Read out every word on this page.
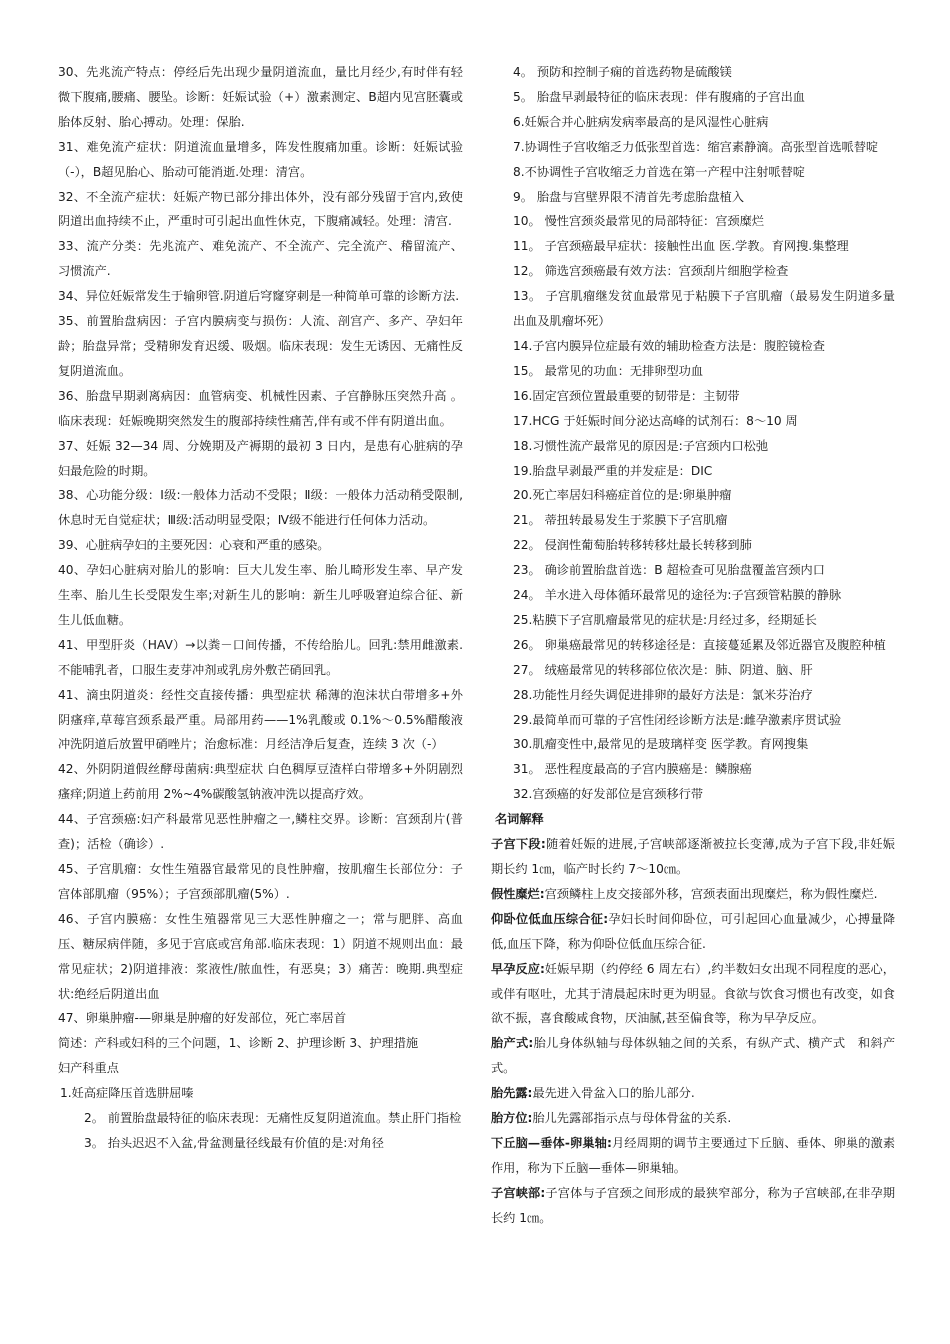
30、先兆流产特点：停经后先出现少量阴道流血，量比月经少,有时伴有轻微下腹痛,腰痛、腰坠。诊断：妊娠试验（+）激素测定、B超内见宫胚囊或胎体反射、胎心搏动。处理：保胎.

31、难免流产症状：阴道流血量增多，阵发性腹痛加重。诊断：妊娠试验（-），B超见胎心、胎动可能消逝.处理：清宫。

32、不全流产症状：妊娠产物已部分排出体外，没有部分残留于宫内,致使阴道出血持续不止，严重时可引起出血性休克，下腹痛减轻。处理：清宫.

33、流产分类：先兆流产、难免流产、不全流产、完全流产、稽留流产、习惯流产.

34、异位妊娠常发生于输卵管.阴道后穹窿穿刺是一种简单可靠的诊断方法.

35、前置胎盘病因：子宫内膜病变与损伤：人流、剖宫产、多产、孕妇年龄；胎盘异常；受精卵发育迟缓、吸烟。临床表现：发生无诱因、无痛性反复阴道流血。

36、胎盘早期剥离病因：血管病变、机械性因素、子宫静脉压突然升高 。临床表现：妊娠晚期突然发生的腹部持续性痛苦,伴有或不伴有阴道出血。

37、妊娠 32—34 周、分娩期及产褥期的最初 3 日内，是患有心脏病的孕妇最危险的时期。

38、心功能分级：Ⅰ级:一般体力活动不受限；Ⅱ级：一般体力活动稍受限制,休息时无自觉症状；Ⅲ级:活动明显受限；Ⅳ级不能进行任何体力活动。

39、心脏病孕妇的主要死因：心衰和严重的感染。

40、孕妇心脏病对胎儿的影响：巨大儿发生率、胎儿畸形发生率、早产发生率、胎儿生长受限发生率;对新生儿的影响：新生儿呼吸窘迫综合征、新生儿低血糖。

41、甲型肝炎（HAV）→以粪－口间传播，不传给胎儿。回乳:禁用雌激素.不能哺乳者，口服生麦芽冲剂或乳房外敷芒硝回乳。

41、滴虫阴道炎：经性交直接传播：典型症状 稀薄的泡沫状白带增多+外阴瘙痒,草莓宫颈系最严重。局部用药——1%乳酸或 0.1%～0.5%醋酸液冲洗阴道后放置甲硝唑片；治愈标准：月经洁净后复查，连续 3 次（-）

42、外阴阴道假丝酵母菌病:典型症状 白色稠厚豆渣样白带增多+外阴剧烈瘙痒;阴道上药前用 2%~4%碳酸氢钠液冲洗以提高疗效。

44、子宫颈癌:妇产科最常见恶性肿瘤之一,鳞柱交界。诊断：宫颈刮片(普查)；活检（确诊）.

45、子宫肌瘤：女性生殖器官最常见的良性肿瘤，按肌瘤生长部位分：子宫体部肌瘤（95%）；子宫颈部肌瘤(5%）.

46、子宫内膜癌：女性生殖器常见三大恶性肿瘤之一；常与肥胖、高血压、糖尿病伴随，多见于宫底或宫角部.临床表现：1）阴道不规则出血：最常见症状；2)阴道排液：浆液性/脓血性，有恶臭；3）痛苦：晚期.典型症状:绝经后阴道出血

47、卵巢肿瘤-—卵巢是肿瘤的好发部位，死亡率居首

简述：产科或妇科的三个问题，1、诊断 2、护理诊断 3、护理措施

妇产科重点

1.妊高症降压首选肼屈嗪

2。 前置胎盘最特征的临床表现：无痛性反复阴道流血。禁止肝门指检

3。 抬头迟迟不入盆,骨盆测量径线最有价值的是:对角径

4。 预防和控制子痫的首选药物是硫酸镁

5。 胎盘早剥最特征的临床表现：伴有腹痛的子宫出血

6.妊娠合并心脏病发病率最高的是风湿性心脏病

7.协调性子宫收缩乏力低张型首选：缩宫素静滴。高张型首选哌替啶

8.不协调性子宫收缩乏力首选在第一产程中注射哌替啶

9。 胎盘与宫壁界限不清首先考虑胎盘植入

10。 慢性宫颈炎最常见的局部特征：宫颈糜烂

11。 子宫颈癌最早症状：接触性出血 医.学教。育网搜.集整理

12。 筛选宫颈癌最有效方法：宫颈刮片细胞学检查

13。 子宫肌瘤继发贫血最常见于粘膜下子宫肌瘤（最易发生阴道多量出血及肌瘤坏死）

14.子宫内膜异位症最有效的辅助检查方法是：腹腔镜检查

15。 最常见的功血：无排卵型功血

16.固定宫颈位置最重要的韧带是：主韧带

17.HCG 于妊娠时间分泌达高峰的试剂石：8～10 周

18.习惯性流产最常见的原因是:子宫颈内口松弛

19.胎盘早剥最严重的并发症是：DIC

20.死亡率居妇科癌症首位的是:卵巢肿瘤

21。 蒂扭转最易发生于浆膜下子宫肌瘤

22。 侵润性葡萄胎转移转移灶最长转移到肺

23。 确诊前置胎盘首选：B 超检查可见胎盘覆盖宫颈内口

24。 羊水进入母体循环最常见的途径为:子宫颈管粘膜的静脉

25.粘膜下子宫肌瘤最常见的症状是:月经过多，经期延长

26。 卵巢癌最常见的转移途径是：直接蔓延累及邻近器官及腹腔种植

27。 绒癌最常见的转移部位依次是：肺、阴道、脑、肝

28.功能性月经失调促进排卵的最好方法是：氯米芬治疗

29.最简单而可靠的子宫性闭经诊断方法是:雌孕激素序贯试验

30.肌瘤变性中,最常见的是玻璃样变 医学教。育网搜集

31。 恶性程度最高的子宫内膜癌是：鳞腺癌

32.宫颈癌的好发部位是宫颈移行带

名词解释

子宫下段:随着妊娠的进展,子宫峡部逐渐被拉长变薄,成为子宫下段,非妊娠期长约 1㎝，临产时长约 7～10㎝。

假性糜烂:宫颈鳞柱上皮交接部外移，宫颈表面出现糜烂，称为假性糜烂.

仰卧位低血压综合征:孕妇长时间仰卧位，可引起回心血量减少，心搏量降低,血压下降，称为仰卧位低血压综合征.

早孕反应:妊娠早期（约停经 6 周左右）,约半数妇女出现不同程度的恶心，或伴有呕吐，尤其于清晨起床时更为明显。食欲与饮食习惯也有改变，如食欲不振，喜食酸咸食物，厌油腻,甚至偏食等，称为早孕反应。

胎产式:胎儿身体纵轴与母体纵轴之间的关系，有纵产式、横产式　和斜产式。

胎先露:最先进入骨盆入口的胎儿部分.

胎方位:胎儿先露部指示点与母体骨盆的关系.

下丘脑—垂体-卵巢轴:月经周期的调节主要通过下丘脑、垂体、卵巢的激素作用，称为下丘脑—垂体—卵巢轴。

子宫峡部:子宫体与子宫颈之间形成的最狭窄部分，称为子宫峡部,在非孕期长约 1㎝。
